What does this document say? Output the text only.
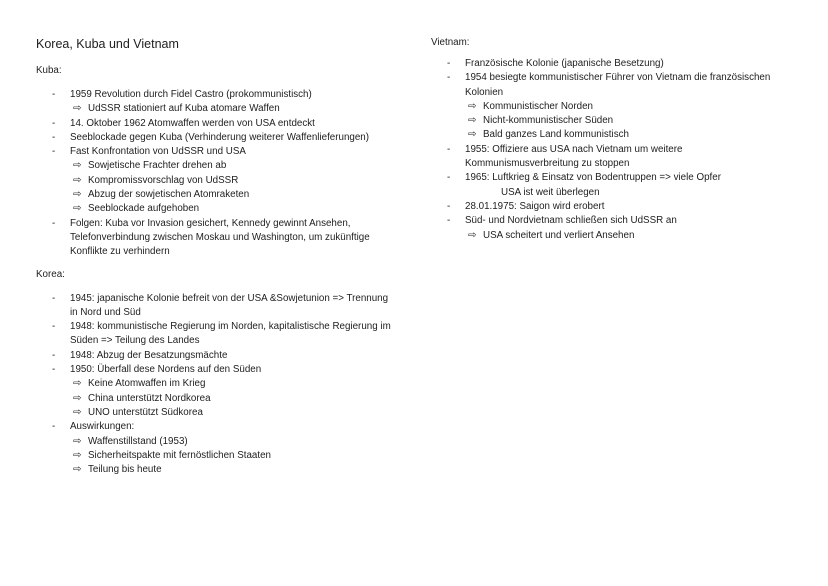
Korea, Kuba und Vietnam

Kuba:

- 1959 Revolution durch Fidel Castro (prokommunistisch)
⇨ UdSSR stationiert auf Kuba atomare Waffen
- 14. Oktober 1962 Atomwaffen werden von USA entdeckt
- Seeblockade gegen Kuba (Verhinderung weiterer Waffenlieferungen)
- Fast Konfrontation von UdSSR und USA
⇨ Sowjetische Frachter drehen ab
⇨ Kompromissvorschlag von UdSSR
⇨ Abzug der sowjetischen Atomraketen
⇨ Seeblockade aufgehoben
- Folgen: Kuba vor Invasion gesichert, Kennedy gewinnt Ansehen,
Telefonverbindung zwischen Moskau und Washington, um zukünftige
Konflikte zu verhindern

Korea:

- 1945: japanische Kolonie befreit von der USA &Sowjetunion => Trennung
in Nord und Süd
- 1948: kommunistische Regierung im Norden, kapitalistische Regierung im
Süden => Teilung des Landes
- 1948: Abzug der Besatzungsmächte
- 1950: Überfall dese Nordens auf den Süden
⇨ Keine Atomwaffen im Krieg
⇨ China unterstützt Nordkorea
⇨ UNO unterstützt Südkorea
- Auswirkungen:
⇨ Waffenstillstand (1953)
⇨ Sicherheitspakte mit fernöstlichen Staaten
⇨ Teilung bis heute

Vietnam:

- Französische Kolonie (japanische Besetzung)
- 1954 besiegte kommunistischer Führer von Vietnam die französischen
Kolonien
⇨ Kommunistischer Norden
⇨ Nicht-kommunistischer Süden
⇨ Bald ganzes Land kommunistisch
- 1955: Offiziere aus USA nach Vietnam um weitere
Kommunismusverbreitung zu stoppen
- 1965: Luftkrieg & Einsatz von Bodentruppen => viele Opfer
USA ist weit überlegen
- 28.01.1975: Saigon wird erobert
- Süd- und Nordvietnam schließen sich UdSSR an
⇨ USA scheitert und verliert Ansehen
